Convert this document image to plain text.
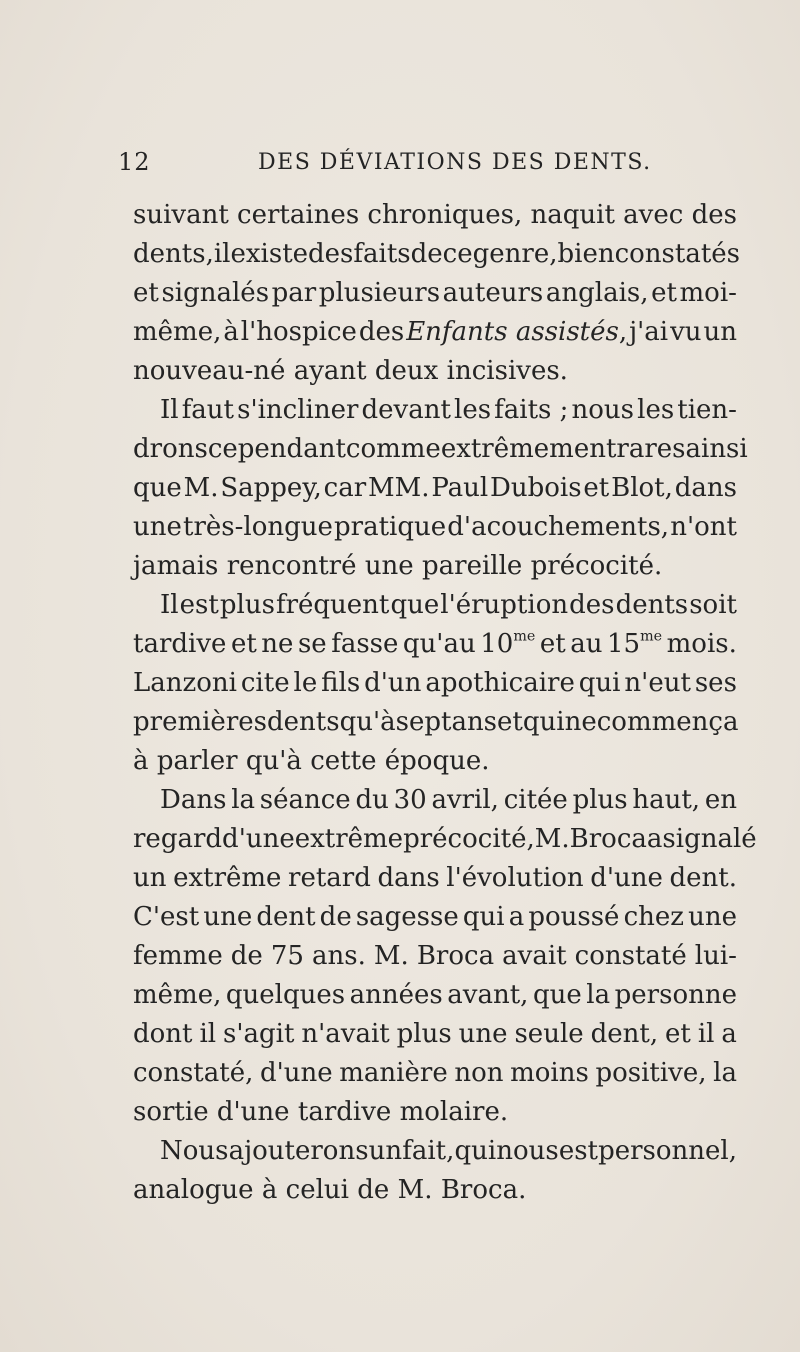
12	DES DÉVIATIONS DES DENTS.
suivant certaines chroniques, naquit avec des
dents, il existe des faits de ce genre, bien constatés
et signalés par plusieurs auteurs anglais, et moi-
même, à l'hospice des Enfants assistés, j'ai vu un
nouveau-né ayant deux incisives.
Il faut s'incliner devant les faits ; nous les tien-
drons cependant comme extrêmement rares ainsi
que M. Sappey, car MM. Paul Dubois et Blot, dans
une très-longue pratique d'acouchements, n'ont
jamais rencontré une pareille précocité.
Il est plus fréquent que l'éruption des dents soit
tardive et ne se fasse qu'au $10^{me}$ et au $15^{me}$ mois.
Lanzoni cite le fils d'un apothicaire qui n'eut ses
premières dents qu'à sept ans et qui ne commença
à parler qu'à cette époque.
Dans la séance du 30 avril, citée plus haut, en
regard d'une extrême précocité, M. Broca a signalé
un extrême retard dans l'évolution d'une dent.
C'est une dent de sagesse qui a poussé chez une
femme de 75 ans. M. Broca avait constaté lui-
même, quelques années avant, que la personne
dont il s'agit n'avait plus une seule dent, et il a
constaté, d'une manière non moins positive, la
sortie d'une tardive molaire.
Nous ajouterons un fait, qui nous est personnel,
analogue à celui de M. Broca.
